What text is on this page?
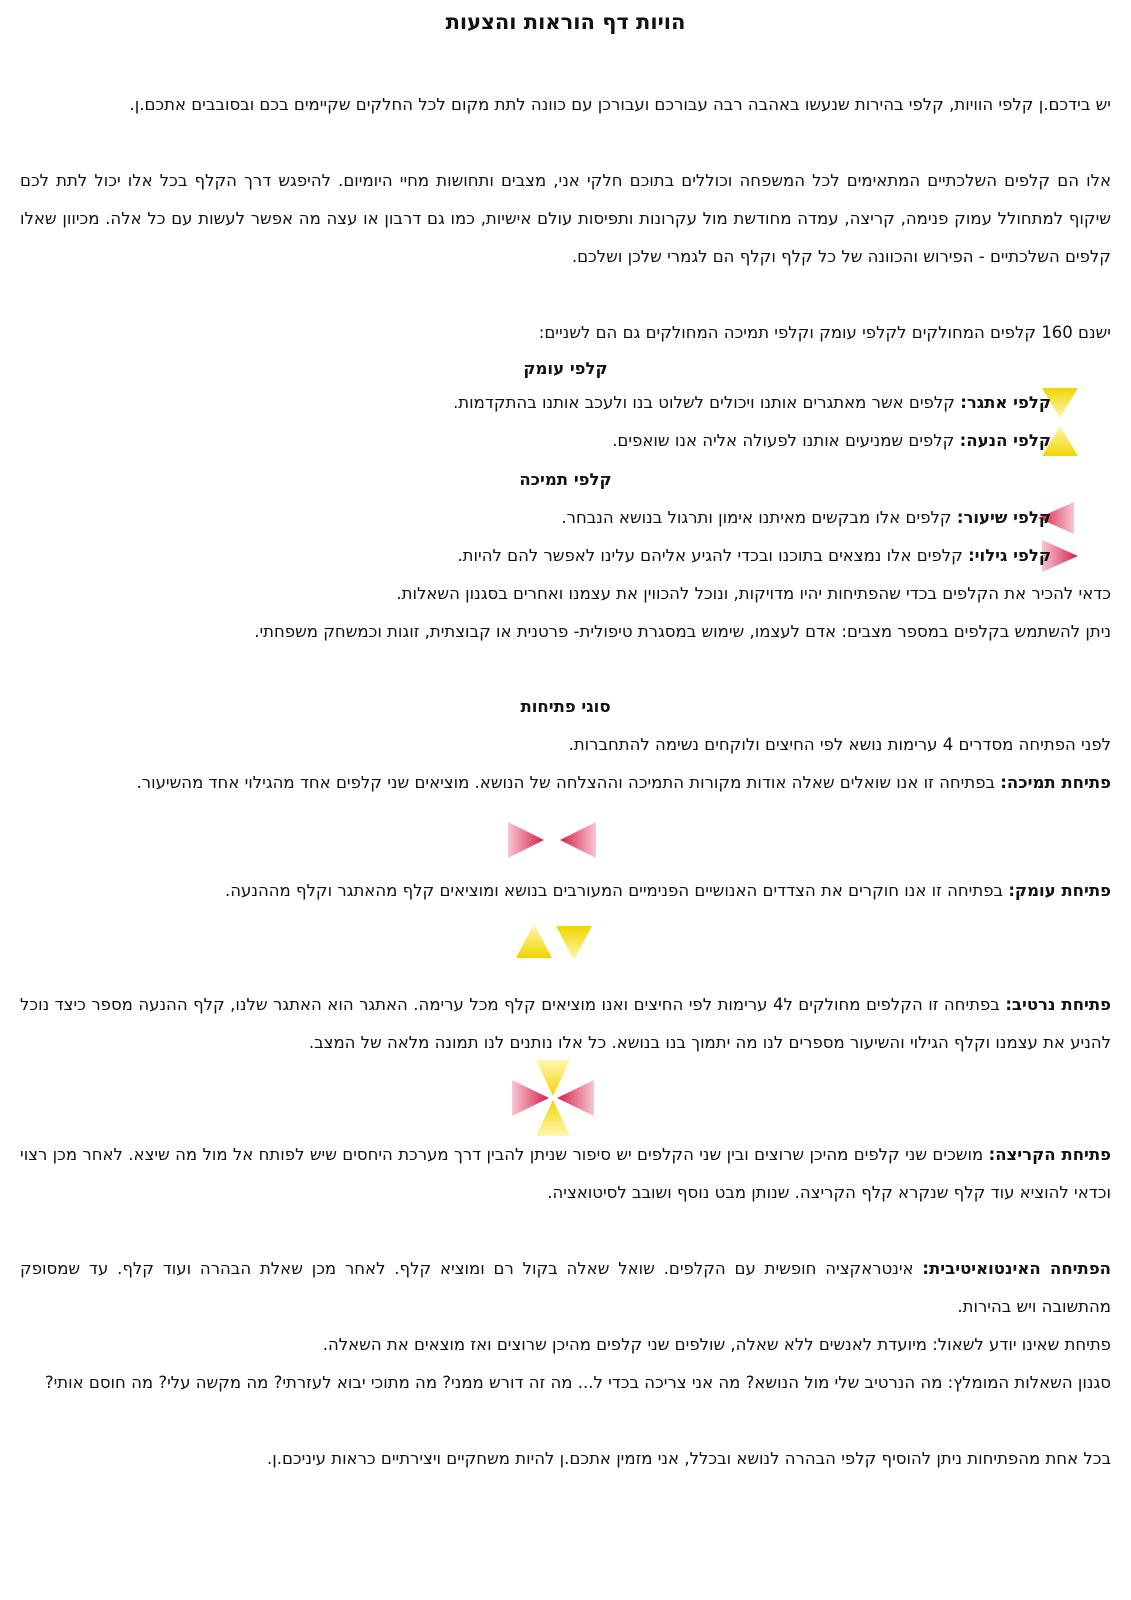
הויות דף הוראות והצעות

יש בידכם.ן קלפי הוויות, קלפי בהירות שנעשו באהבה רבה עבורכם ועבורכן עם כוונה לתת מקום לכל החלקים שקיימים בכם ובסובבים אתכם.ן.

אלו הם קלפים השלכתיים המתאימים לכל המשפחה וכוללים בתוכם חלקי אני, מצבים ותחושות מחיי היומיום. להיפגש דרך הקלף בכל אלו יכול לתת לכם שיקוף למתחולל עמוק פנימה, קריצה, עמדה מחודשת מול עקרונות ותפיסות עולם אישיות, כמו גם דרבון או עצה מה אפשר לעשות עם כל אלה. מכיוון שאלו קלפים השלכתיים - הפירוש והכוונה של כל קלף וקלף הם לגמרי שלכן ושלכם.

ישנם 160 קלפים המחולקים לקלפי עומק וקלפי תמיכה המחולקים גם הם לשניים:

קלפי עומק

קלפי אתגר: קלפים אשר מאתגרים אותנו ויכולים לשלוט בנו ולעכב אותנו בהתקדמות.

קלפי הנעה: קלפים שמניעים אותנו לפעולה אליה אנו שואפים.

קלפי תמיכה

קלפי שיעור: קלפים אלו מבקשים מאיתנו אימון ותרגול בנושא הנבחר.

קלפי גילוי: קלפים אלו נמצאים בתוכנו ובכדי להגיע אליהם עלינו לאפשר להם להיות.

כדאי להכיר את הקלפים בכדי שהפתיחות יהיו מדויקות, ונוכל להכווין את עצמנו ואחרים בסגנון השאלות.

ניתן להשתמש בקלפים במספר מצבים: אדם לעצמו, שימוש במסגרת טיפולית- פרטנית או קבוצתית, זוגות וכמשחק משפחתי.

סוגי פתיחות

לפני הפתיחה מסדרים 4 ערימות נושא לפי החיצים ולוקחים נשימה להתחברות.

פתיחת תמיכה: בפתיחה זו אנו שואלים שאלה אודות מקורות התמיכה וההצלחה של הנושא. מוציאים שני קלפים אחד מהגילוי אחד מהשיעור.

פתיחת עומק: בפתיחה זו אנו חוקרים את הצדדים האנושיים הפנימיים המעורבים בנושא ומוציאים קלף מהאתגר וקלף מההנעה.

פתיחת נרטיב: בפתיחה זו הקלפים מחולקים ל4 ערימות לפי החיצים ואנו מוציאים קלף מכל ערימה. האתגר הוא האתגר שלנו, קלף ההנעה מספר כיצד נוכל להניע את עצמנו וקלף הגילוי והשיעור מספרים לנו מה יתמוך בנו בנושא. כל אלו נותנים לנו תמונה מלאה של המצב.

פתיחת הקריצה: מושכים שני קלפים מהיכן שרוצים ובין שני הקלפים יש סיפור שניתן להבין דרך מערכת היחסים שיש לפותח אל מול מה שיצא. לאחר מכן רצוי וכדאי להוציא עוד קלף שנקרא קלף הקריצה. שנותן מבט נוסף ושובב לסיטואציה.

הפתיחה האינטואיטיבית: אינטראקציה חופשית עם הקלפים. שואל שאלה בקול רם ומוציא קלף. לאחר מכן שאלת הבהרה ועוד קלף. עד שמסופק מהתשובה ויש בהירות.

פתיחת שאינו יודע לשאול: מיועדת לאנשים ללא שאלה, שולפים שני קלפים מהיכן שרוצים ואז מוצאים את השאלה.

סגנון השאלות המומלץ: מה הנרטיב שלי מול הנושא? מה אני צריכה בכדי ל... מה זה דורש ממני? מה מתוכי יבוא לעזרתי? מה מקשה עלי? מה חוסם אותי?

בכל אחת מהפתיחות ניתן להוסיף קלפי הבהרה לנושא ובכלל, אני מזמין אתכם.ן להיות משחקיים ויצירתיים כראות עיניכם.ן.
